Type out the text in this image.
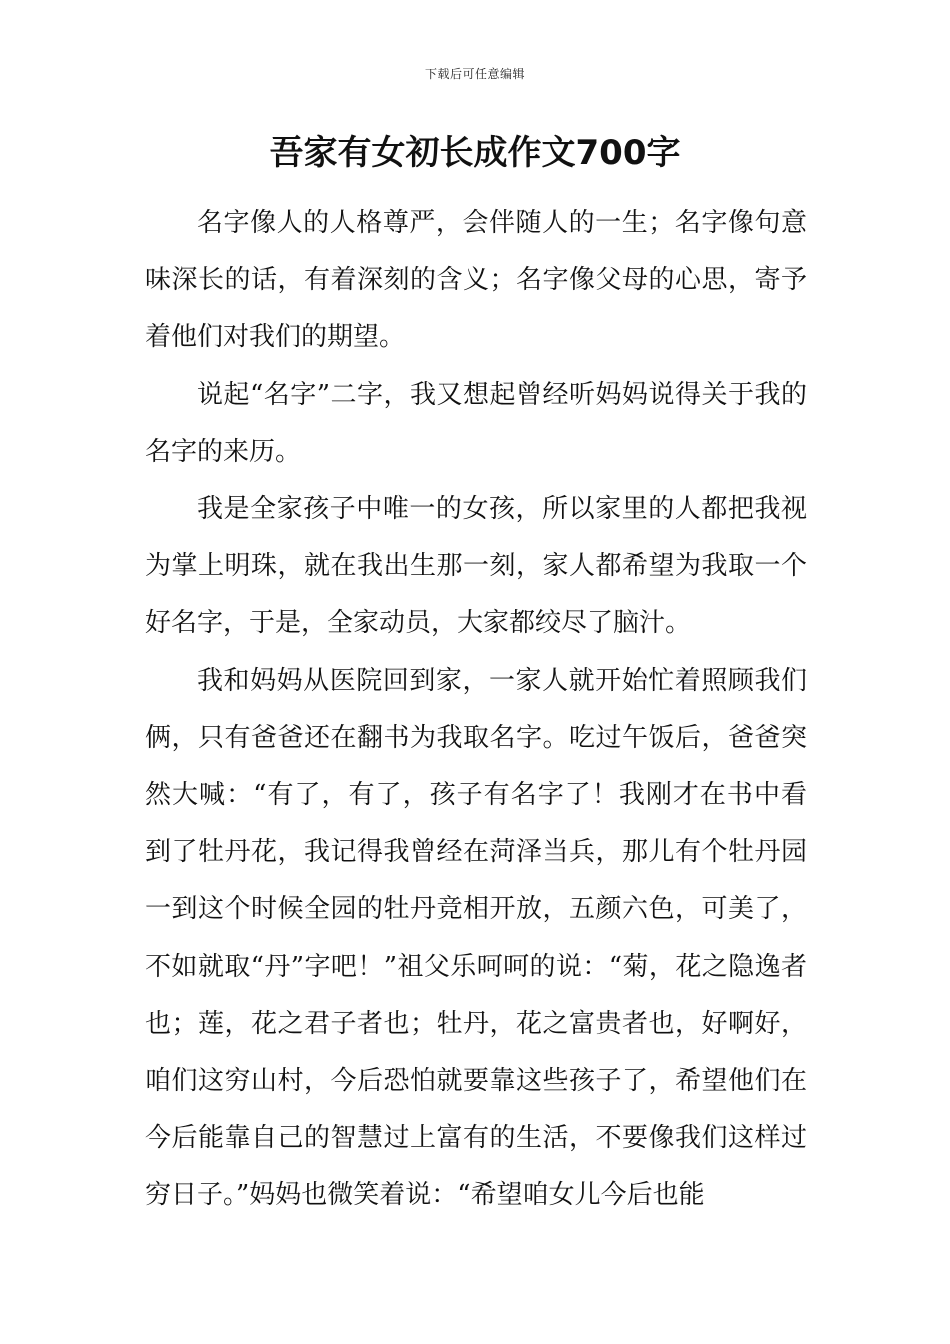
下载后可任意编辑
吾家有女初长成作文700字

名字像人的人格尊严，会伴随人的一生；名字像句意味深长的话，有着深刻的含义；名字像父母的心思，寄予着他们对我们的期望。

说起“名字”二字，我又想起曾经听妈妈说得关于我的名字的来历。

我是全家孩子中唯一的女孩，所以家里的人都把我视为掌上明珠，就在我出生那一刻，家人都希望为我取一个好名字，于是，全家动员，大家都绞尽了脑汁。

我和妈妈从医院回到家，一家人就开始忙着照顾我们俩，只有爸爸还在翻书为我取名字。吃过午饭后，爸爸突然大喊：“有了，有了，孩子有名字了！我刚才在书中看到了牡丹花，我记得我曾经在菏泽当兵，那儿有个牡丹园一到这个时候全园的牡丹竞相开放，五颜六色，可美了，不如就取“丹”字吧！”祖父乐呵呵的说：“菊，花之隐逸者也；莲，花之君子者也；牡丹，花之富贵者也，好啊好，咱们这穷山村，今后恐怕就要靠这些孩子了，希望他们在今后能靠自己的智慧过上富有的生活，不要像我们这样过穷日子。”妈妈也微笑着说：“希望咱女儿今后也能
